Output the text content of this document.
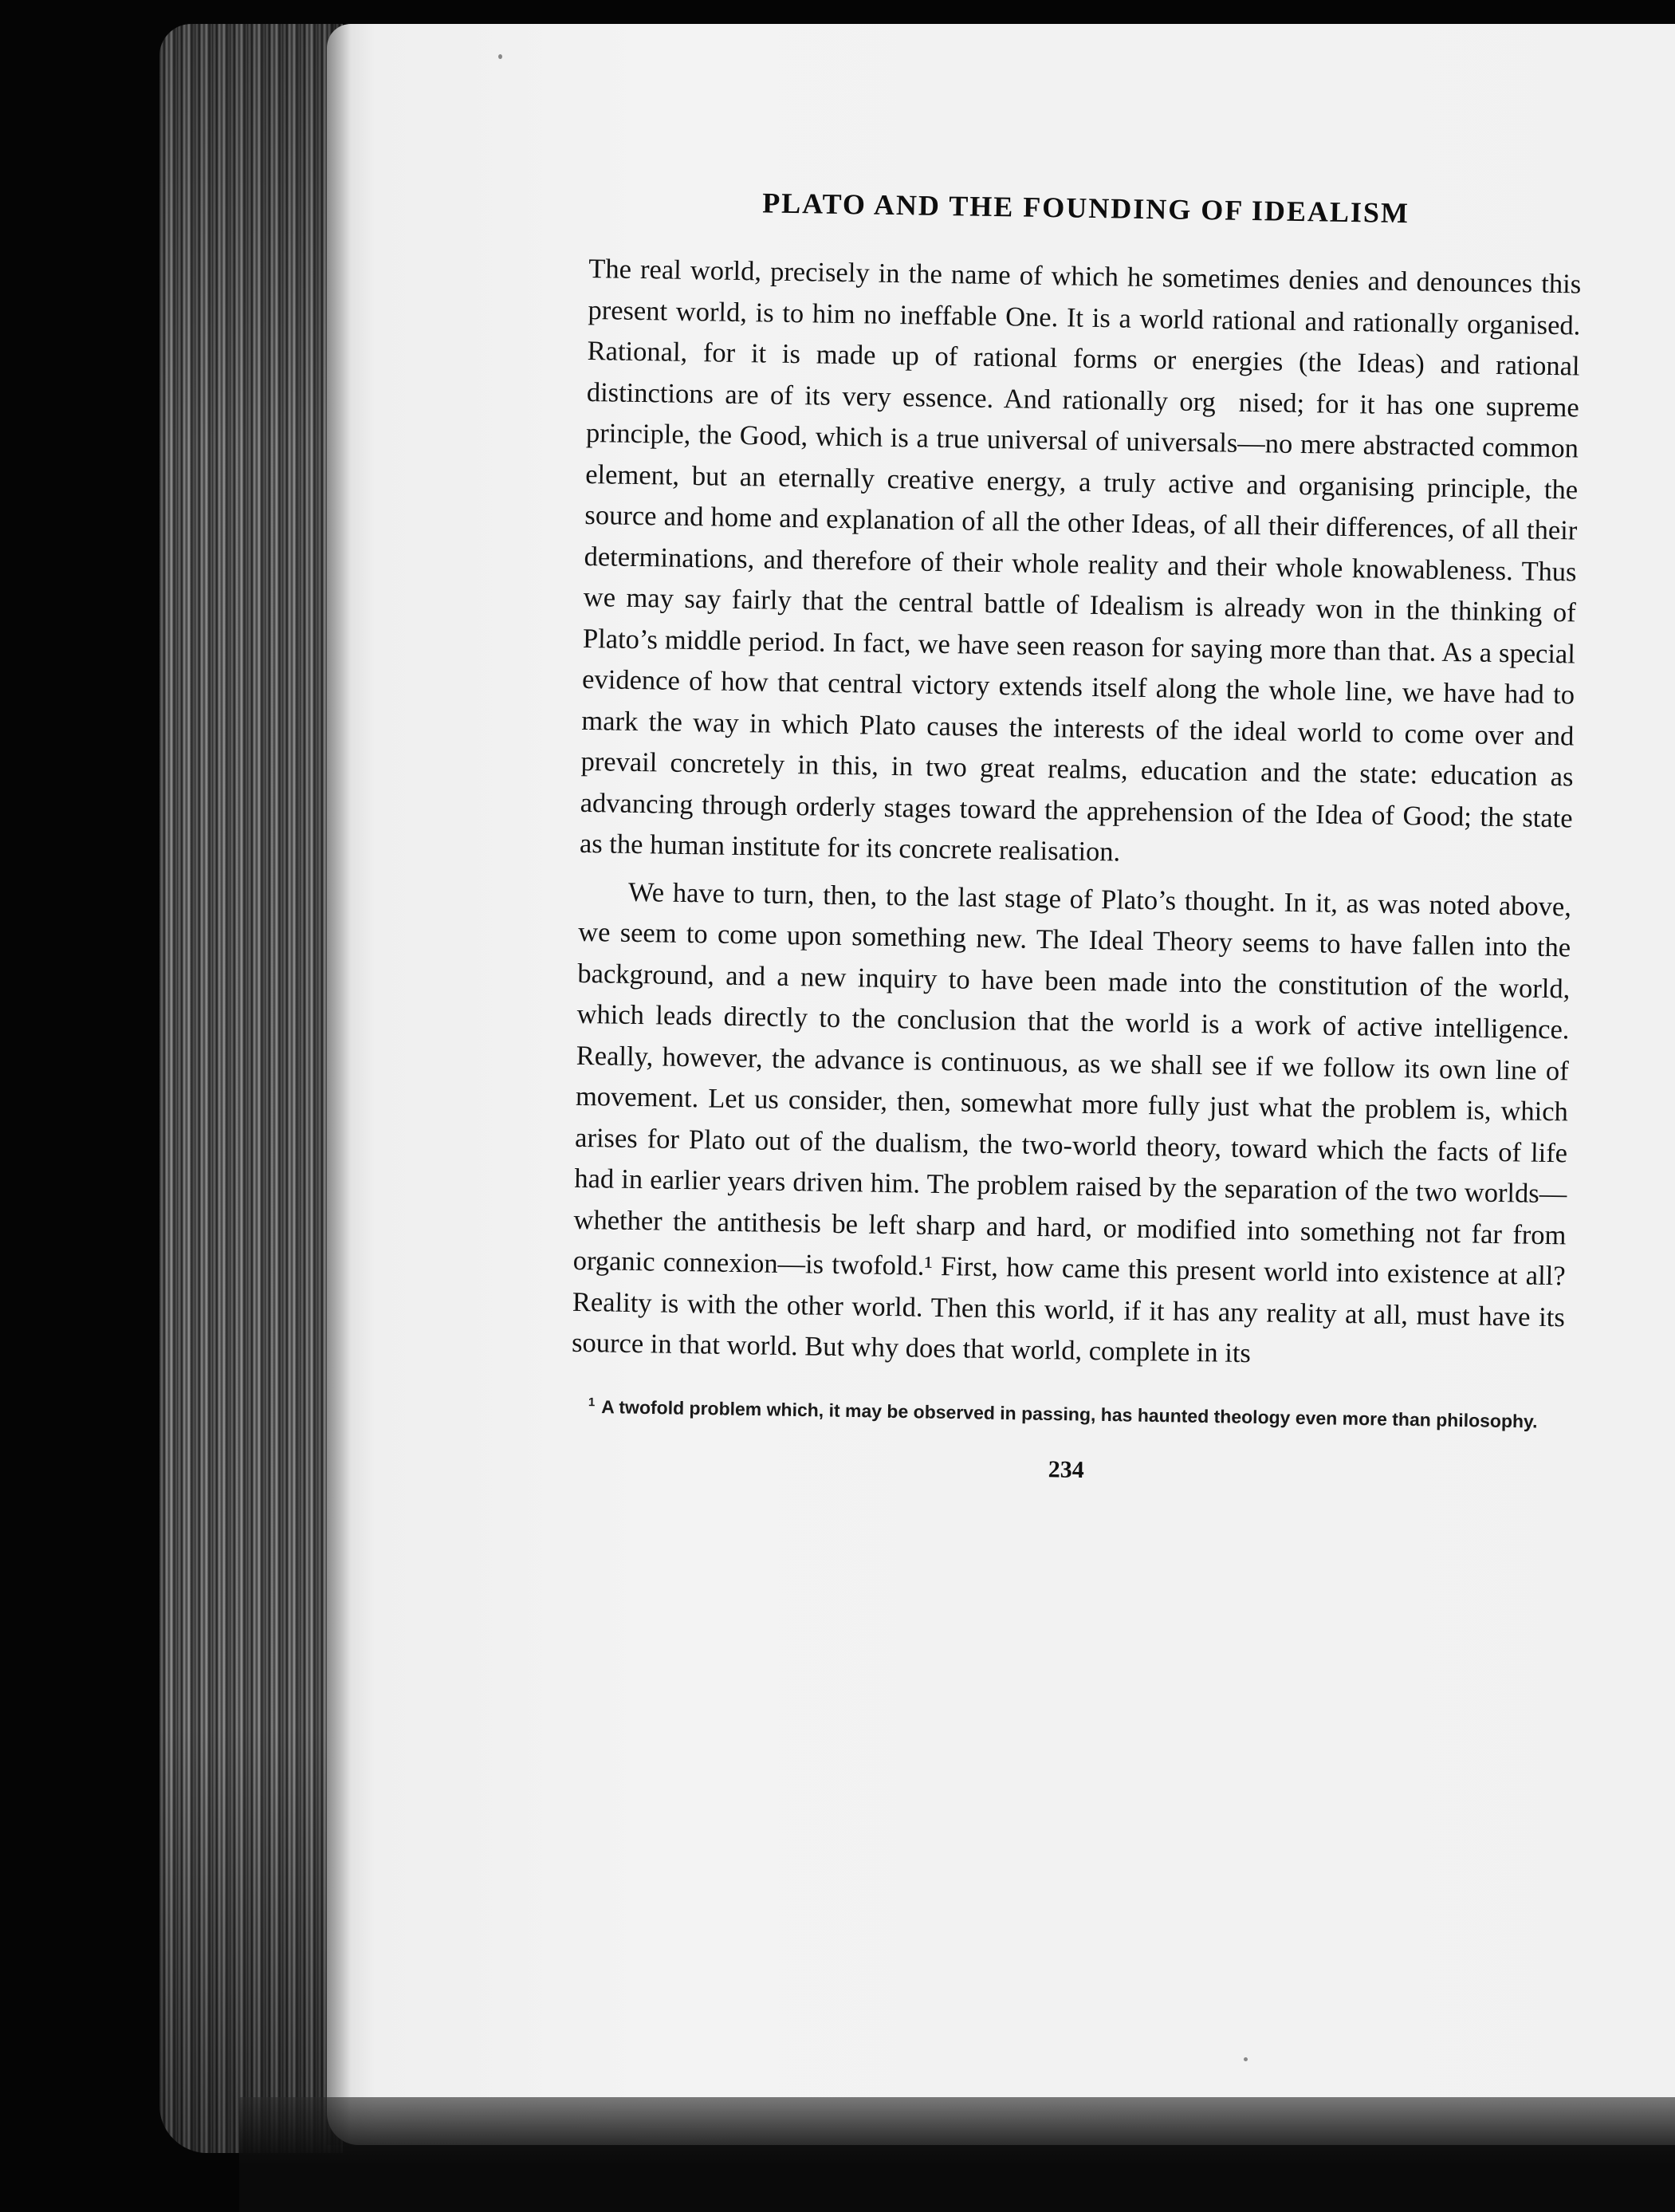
PLATO AND THE FOUNDING OF IDEALISM

The real world, precisely in the name of which he sometimes denies and denounces this present world, is to him no ineffable One. It is a world rational and rationally organised. Rational, for it is made up of rational forms or energies (the Ideas) and rational distinctions are of its very essence. And rationally org  nised; for it has one supreme principle, the Good, which is a true universal of universals—no mere abstracted common element, but an eternally creative energy, a truly active and organising principle, the source and home and explanation of all the other Ideas, of all their differences, of all their determinations, and therefore of their whole reality and their whole knowableness. Thus we may say fairly that the central battle of Idealism is already won in the thinking of Plato’s middle period. In fact, we have seen reason for saying more than that. As a special evidence of how that central victory extends itself along the whole line, we have had to mark the way in which Plato causes the interests of the ideal world to come over and prevail concretely in this, in two great realms, education and the state: education as advancing through orderly stages toward the apprehension of the Idea of Good; the state as the human institute for its concrete realisation.

We have to turn, then, to the last stage of Plato’s thought. In it, as was noted above, we seem to come upon something new. The Ideal Theory seems to have fallen into the background, and a new inquiry to have been made into the constitution of the world, which leads directly to the conclusion that the world is a work of active intelligence. Really, however, the advance is continuous, as we shall see if we follow its own line of movement. Let us consider, then, somewhat more fully just what the problem is, which arises for Plato out of the dualism, the two-world theory, toward which the facts of life had in earlier years driven him. The problem raised by the separation of the two worlds—whether the antithesis be left sharp and hard, or modified into something not far from organic connexion—is twofold.¹ First, how came this present world into existence at all? Reality is with the other world. Then this world, if it has any reality at all, must have its source in that world. But why does that world, complete in its

$^1$ A twofold problem which, it may be observed in passing, has haunted theology even more than philosophy.

234
